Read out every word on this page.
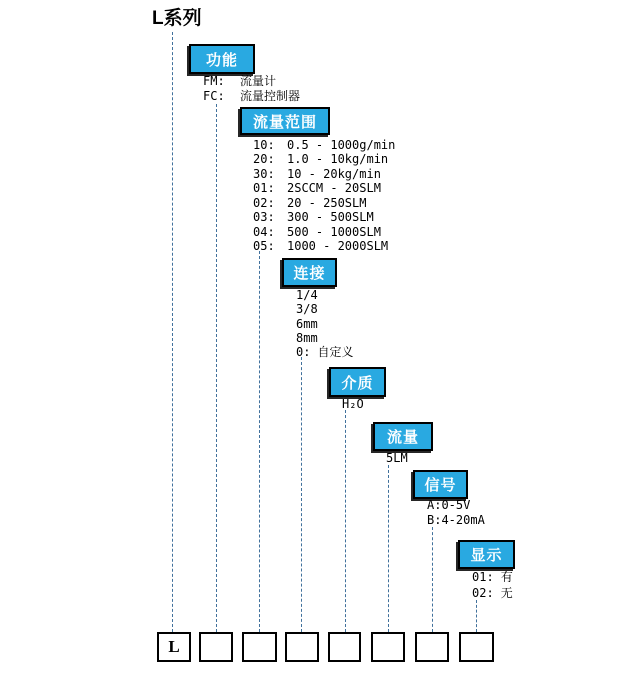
L系列
功能
FM: 流量计
FC: 流量控制器
流量范围
10: 0.5 - 1000g/min
20: 1.0 - 10kg/min
30: 10 - 20kg/min
01: 2SCCM - 20SLM
02: 20 - 250SLM
03: 300 - 500SLM
04: 500 - 1000SLM
05: 1000 - 2000SLM
连接
1/4
3/8
6mm
8mm
0: 自定义
介质
H₂O
流量
5LM
信号
A:0-5V
B:4-20mA
显示
01: 有
02: 无
L
